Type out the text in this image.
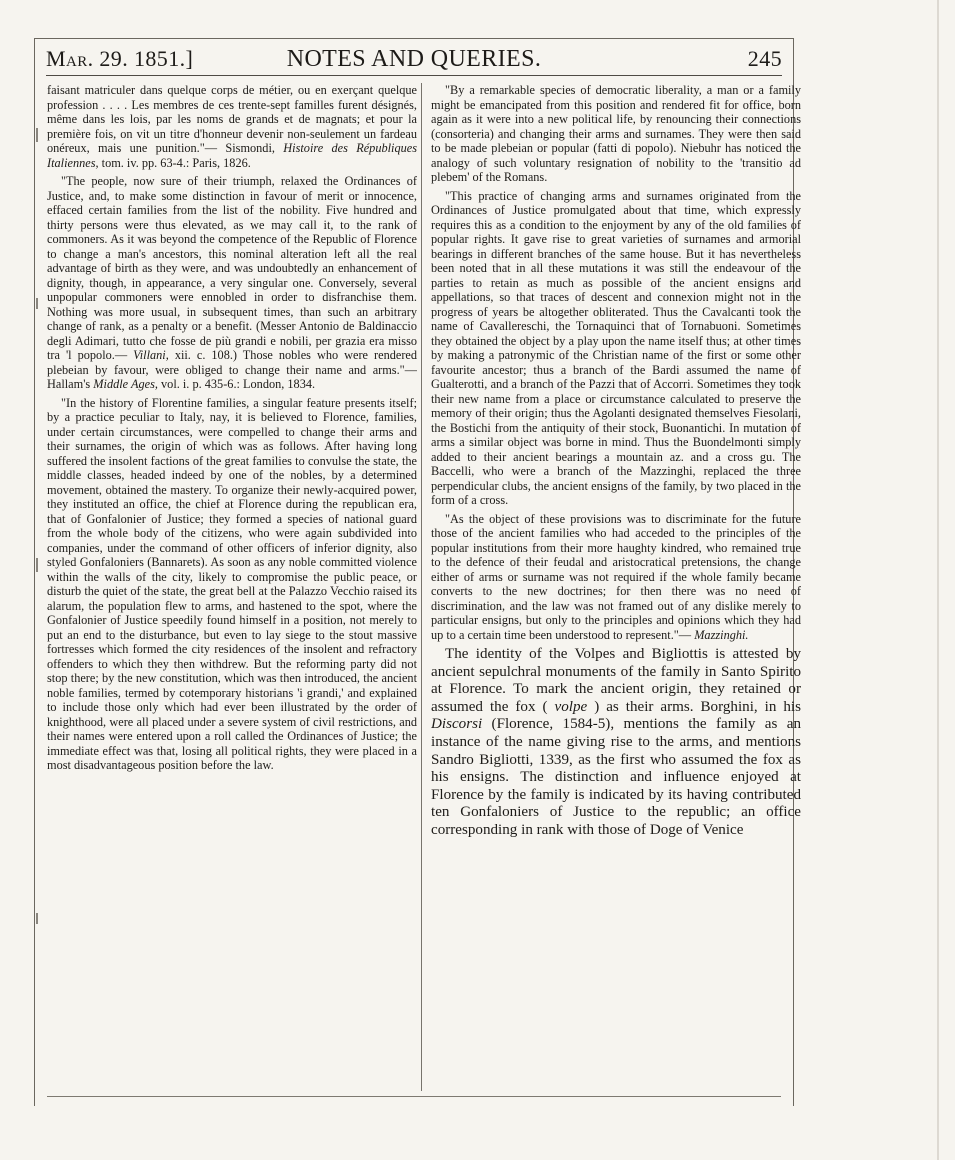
Mar. 29. 1851.]	NOTES AND QUERIES.	245

faisant matriculer dans quelque corps de métier, ou en exerçant quelque profession . . . . Les membres de ces trente-sept familles furent désignés, même dans les lois, par les noms de grands et de magnats; et pour la première fois, on vit un titre d'honneur devenir non-seulement un fardeau onéreux, mais une punition."— Sismondi, Histoire des Républiques Italiennes, tom. iv. pp. 63-4.: Paris, 1826.

"The people, now sure of their triumph, relaxed the Ordinances of Justice, and, to make some distinction in favour of merit or innocence, effaced certain families from the list of the nobility. Five hundred and thirty persons were thus elevated, as we may call it, to the rank of commoners. As it was beyond the competence of the Republic of Florence to change a man's ancestors, this nominal alteration left all the real advantage of birth as they were, and was undoubtedly an enhancement of dignity, though, in appearance, a very singular one. Conversely, several unpopular commoners were ennobled in order to disfranchise them. Nothing was more usual, in subsequent times, than such an arbitrary change of rank, as a penalty or a benefit. (Messer Antonio de Baldinaccio degli Adimari, tutto che fosse de più grandi e nobili, per grazia era misso tra 'l popolo.— Villani, xii. c. 108.) Those nobles who were rendered plebeian by favour, were obliged to change their name and arms."— Hallam's Middle Ages, vol. i. p. 435-6.: London, 1834.

"In the history of Florentine families, a singular feature presents itself; by a practice peculiar to Italy, nay, it is believed to Florence, families, under certain circumstances, were compelled to change their arms and their surnames, the origin of which was as follows. After having long suffered the insolent factions of the great families to convulse the state, the middle classes, headed indeed by one of the nobles, by a determined movement, obtained the mastery. To organize their newly-acquired power, they instituted an office, the chief at Florence during the republican era, that of Gonfalonier of Justice; they formed a species of national guard from the whole body of the citizens, who were again subdivided into companies, under the command of other officers of inferior dignity, also styled Gonfaloniers (Bannarets). As soon as any noble committed violence within the walls of the city, likely to compromise the public peace, or disturb the quiet of the state, the great bell at the Palazzo Vecchio raised its alarum, the population flew to arms, and hastened to the spot, where the Gonfalonier of Justice speedily found himself in a position, not merely to put an end to the disturbance, but even to lay siege to the stout massive fortresses which formed the city residences of the insolent and refractory offenders to which they then withdrew. But the reforming party did not stop there; by the new constitution, which was then introduced, the ancient noble families, termed by cotemporary historians 'i grandi,' and explained to include those only which had ever been illustrated by the order of knighthood, were all placed under a severe system of civil restrictions, and their names were entered upon a roll called the Ordinances of Justice; the immediate effect was that, losing all political rights, they were placed in a most disadvantageous position before the law.

"By a remarkable species of democratic liberality, a man or a family might be emancipated from this position and rendered fit for office, born again as it were into a new political life, by renouncing their connections (consorteria) and changing their arms and surnames. They were then said to be made plebeian or popular (fatti di popolo). Niebuhr has noticed the analogy of such voluntary resignation of nobility to the 'transitio ad plebem' of the Romans.

"This practice of changing arms and surnames originated from the Ordinances of Justice promulgated about that time, which expressly requires this as a condition to the enjoyment by any of the old families of popular rights. It gave rise to great varieties of surnames and armorial bearings in different branches of the same house. But it has nevertheless been noted that in all these mutations it was still the endeavour of the parties to retain as much as possible of the ancient ensigns and appellations, so that traces of descent and connexion might not in the progress of years be altogether obliterated. Thus the Cavalcanti took the name of Cavallereschi, the Tornaquinci that of Tornabuoni. Sometimes they obtained the object by a play upon the name itself thus; at other times by making a patronymic of the Christian name of the first or some other favourite ancestor; thus a branch of the Bardi assumed the name of Gualterotti, and a branch of the Pazzi that of Accorri. Sometimes they took their new name from a place or circumstance calculated to preserve the memory of their origin; thus the Agolanti designated themselves Fiesolani, the Bostichi from the antiquity of their stock, Buonantichi. In mutation of arms a similar object was borne in mind. Thus the Buondelmonti simply added to their ancient bearings a mountain az. and a cross gu. The Baccelli, who were a branch of the Mazzinghi, replaced the three perpendicular clubs, the ancient ensigns of the family, by two placed in the form of a cross.

"As the object of these provisions was to discriminate for the future those of the ancient families who had acceded to the principles of the popular institutions from their more haughty kindred, who remained true to the defence of their feudal and aristocratical pretensions, the change either of arms or surname was not required if the whole family became converts to the new doctrines; for then there was no need of discrimination, and the law was not framed out of any dislike merely to particular ensigns, but only to the principles and opinions which they had up to a certain time been understood to represent."— Mazzinghi.

The identity of the Volpes and Bigliottis is attested by ancient sepulchral monuments of the family in Santo Spirito at Florence. To mark the ancient origin, they retained or assumed the fox ( volpe ) as their arms. Borghini, in his Discorsi (Florence, 1584-5), mentions the family as an instance of the name giving rise to the arms, and mentions Sandro Bigliotti, 1339, as the first who assumed the fox as his ensigns. The distinction and influence enjoyed at Florence by the family is indicated by its having contributed ten Gonfaloniers of Justice to the republic; an office corresponding in rank with those of Doge of Venice
